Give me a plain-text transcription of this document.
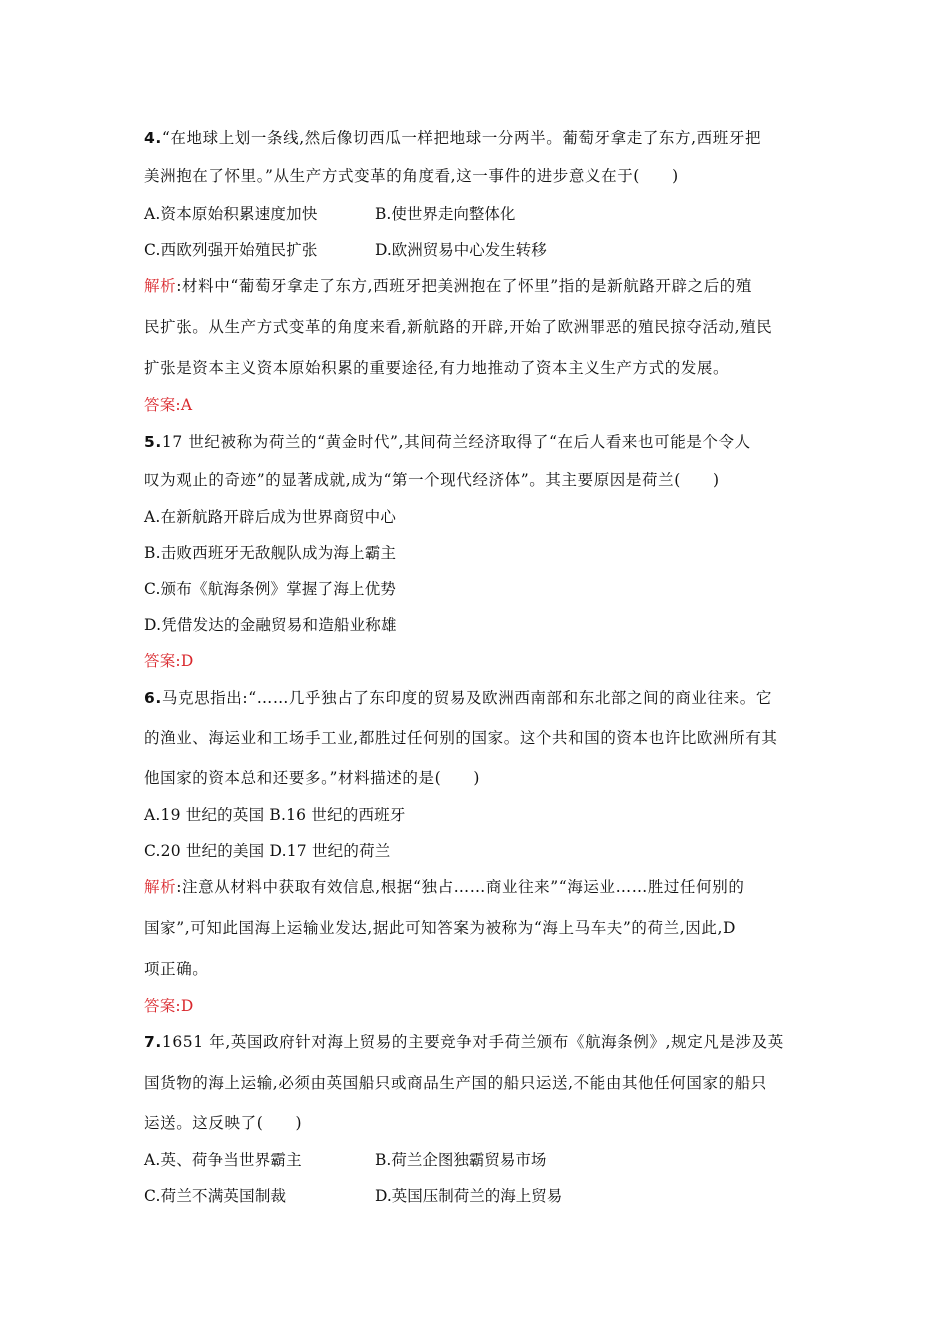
4.“在地球上划一条线,然后像切西瓜一样把地球一分两半。葡萄牙拿走了东方,西班牙把
美洲抱在了怀里。”从生产方式变革的角度看,这一事件的进步意义在于(　　)
A.资本原始积累速度加快	B.使世界走向整体化
C.西欧列强开始殖民扩张	D.欧洲贸易中心发生转移
解析:材料中“葡萄牙拿走了东方,西班牙把美洲抱在了怀里”指的是新航路开辟之后的殖
民扩张。从生产方式变革的角度来看,新航路的开辟,开始了欧洲罪恶的殖民掠夺活动,殖民
扩张是资本主义资本原始积累的重要途径,有力地推动了资本主义生产方式的发展。
答案:A
5.17 世纪被称为荷兰的“黄金时代”,其间荷兰经济取得了“在后人看来也可能是个令人
叹为观止的奇迹”的显著成就,成为“第一个现代经济体”。其主要原因是荷兰(　　)
A.在新航路开辟后成为世界商贸中心
B.击败西班牙无敌舰队成为海上霸主
C.颁布《航海条例》掌握了海上优势
D.凭借发达的金融贸易和造船业称雄
答案:D
6.马克思指出:“……几乎独占了东印度的贸易及欧洲西南部和东北部之间的商业往来。它
的渔业、海运业和工场手工业,都胜过任何别的国家。这个共和国的资本也许比欧洲所有其
他国家的资本总和还要多。”材料描述的是(　　)
A.19 世纪的英国 B.16 世纪的西班牙
C.20 世纪的美国 D.17 世纪的荷兰
解析:注意从材料中获取有效信息,根据“独占……商业往来”“海运业……胜过任何别的
国家”,可知此国海上运输业发达,据此可知答案为被称为“海上马车夫”的荷兰,因此,D
项正确。
答案:D
7.1651 年,英国政府针对海上贸易的主要竞争对手荷兰颁布《航海条例》,规定凡是涉及英
国货物的海上运输,必须由英国船只或商品生产国的船只运送,不能由其他任何国家的船只
运送。这反映了(　　)
A.英、荷争当世界霸主	B.荷兰企图独霸贸易市场
C.荷兰不满英国制裁	D.英国压制荷兰的海上贸易
